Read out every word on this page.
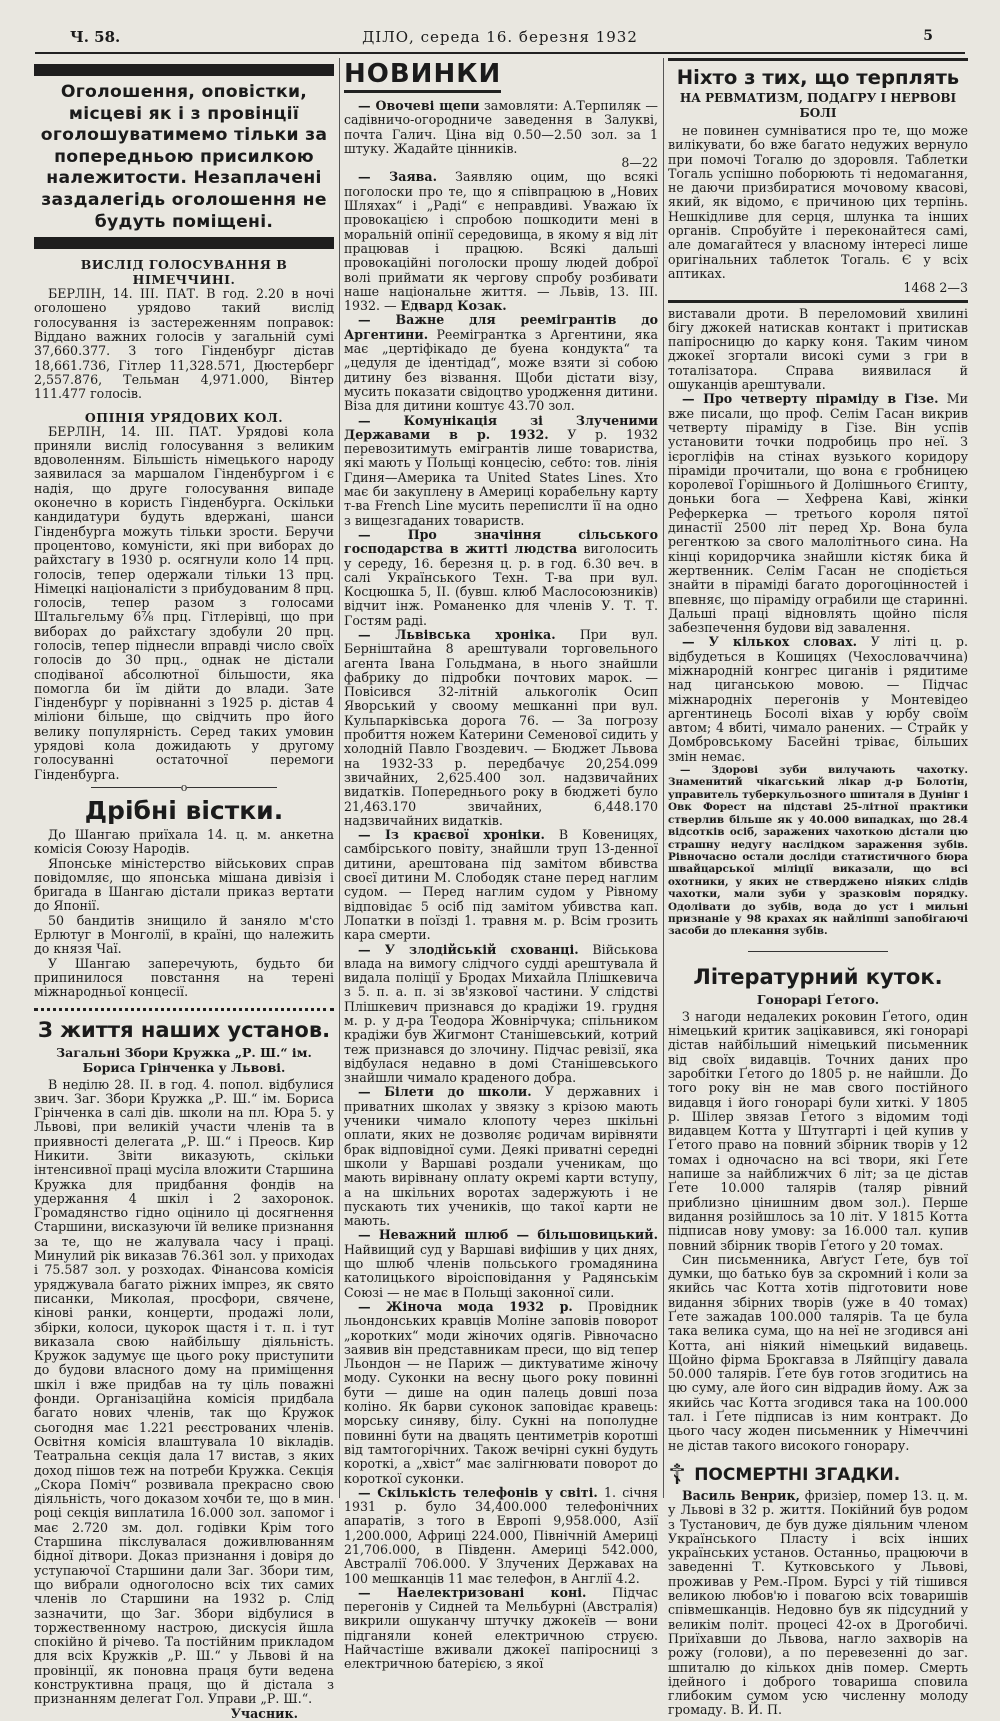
Ч. 58.	ДІЛО, середа 16. березня 1932	5

Оголошення, оповістки, місцеві як і з провінції оголошуватимемо тільки за попередньою присилкою належитости. Незаплачені заздалегідь оголошення не будуть поміщені.

ВИСЛІД ГОЛОСУВАННЯ В НІМЕЧЧИНІ.

БЕРЛІН, 14. III. ПАТ. В год. 2.20 в ночі оголошено урядово такий вислід голосування із застереженням поправок: Віддано важних голосів у загальній сумі 37,660.377. З того Гінденбург дістав 18,661.736, Гітлер 11,328.571, Дюстерберг 2,557.876, Тельман 4,971.000, Вінтер 111.477 голосів.

ОПІНІЯ УРЯДОВИХ КОЛ.

БЕРЛІН, 14. III. ПАТ. Урядові кола приняли вислід голосування з великим вдоволенням. Більшість німецького народу заявилася за маршалом Гінденбургом і є надія, що друге голосування випаде оконечно в користь Гінденбурга. Оскільки кандидатури будуть вдержані, шанси Гінденбурга можуть тільки зрости. Беручи процентово, комуністи, які при виборах до райхстагу в 1930 р. осягнули коло 14 прц. голосів, тепер одержали тільки 13 прц. Німецкі націоналісти з прибудованим 8 прц. голосів, тепер разом з голосами Штальгельму 6⅞ прц. Гітлерівці, що при виборах до райхстагу здобули 20 прц. голосів, тепер піднесли вправді число своїх голосів до 30 прц., однак не дістали сподіваної абсолютної більшости, яка помогла би їм дійти до влади. Зате Гінденбург у порівнанні з 1925 р. дістав 4 міліони більше, що свідчить про його велику популярність. Серед таких умовин урядові кола дожидають у другому голосуванні остаточної перемоги Гінденбурга.

o

Дрібні вістки.

До Шангаю приїхала 14. ц. м. анкетна комісія Союзу Народів.

Японське міністерство військових справ повідомляє, що японська мішана дивізія і бригада в Шангаю дістали приказ вертати до Японії.

50 бандитів знищило й заняло м'сто Ерлютуг в Монголії, в країні, що належить до князя Чаї.

У Шангаю заперечують, будьто би припинилося повстання на терені міжнародньої концесії.

З життя наших установ.

Загальні Збори Кружка „Р. Ш.“ ім. Бориса Грінченка у Львові.

В неділю 28. II. в год. 4. попол. відбулися звич. Заг. Збори Кружка „Р. Ш.“ ім. Бориса Грінченка в салі дів. школи на пл. Юра 5. у Львові, при великій участи членів та в приявності делегата „Р. Ш.“ і Преосв. Кир Никити. Звіти виказують, скільки інтенсивної праці мусіла вложити Старшина Кружка для придбання фондів на удержання 4 шкіл і 2 захоронок. Громадянство гідно оцінило ці досягнення Старшини, висказуючи їй велике признання за те, що не жалувала часу і праці. Минулий рік виказав 76.361 зол. у приходах і 75.587 зол. у розходах. Фінансова комісія уряджувала багато ріжних імпрез, як свято писанки, Миколая, просфори, свячене, кінові ранки, концерти, продажі лоли, збірки, колоси, цукорок щастя і т. п. і тут виказала свою найбільшу діяльність. Кружок задумує ще цього року приступити до будови власного дому на приміщення шкіл і вже придбав на ту ціль поважні фонди. Організаційна комісія придбала багато нових членів, так що Кружок сьогодня має 1.221 реєстрованих членів. Освітня комісія влаштувала 10 вікладів. Театральна секція дала 17 вистав, з яких доход пішов теж на потреби Кружка. Секція „Скора Поміч“ розвивала прекрасно свою діяльність, чого доказом хочби те, що в мин. році секція виплатила 16.000 зол. запомог і має 2.720 зм. дол. годівки Крім того Старшина пікслувалася доживлюванням бідної дітвори. Доказ признання і довіря до уступаючої Старшини дали Заг. Збори тим, що вибрали одноголосно всіх тих самих членів ло Старшини на 1932 р. Слід зазначити, що Заг. Збори відбулися в торжественному настрою, дискусія йшла спокійно й річево. Та постійним прикладом для всіх Кружків „Р. Ш.“ у Львові й на провінції, як поновна праця бути ведена конструктивна праця, що й дістала з признанням делегат Гол. Управи „Р. Ш.“.

Учасник.

НОВИНКИ

— Овочеві щепи замовляти: А.Терпиляк — садівничо-огородниче заведення в Залукві, почта Галич. Ціна від 0.50—2.50 зол. за 1 штуку. Жадайте цінників.

8—22

— Заява. Заявляю оцим, що всякі поголоски про те, що я співпрацюю в „Нових Шляхах“ і „Раді“ є неправдиві. Уважаю їх провокацією і спробою пошкодити мені в моральній опінії середовища, в якому я від літ працював і працюю. Всякі дальші провокаційні поголоски прошу людей доброї волі приймати як чергову спробу розбивати наше національне життя. — Львів, 13. III. 1932. — Едвард Козак.

— Важне для реемігрантів до Аргентини. Реемігрантка з Аргентини, яка має „цертіфікадо де буена кондукта“ та „цедуля де ідентідад“, може взяти зі собою дитину без візвання. Щоби дістати візу, мусить показати свідоцтво уродження дитини. Віза для дитини коштує 43.70 зол.

— Комунікація зі Злученими Державами в р. 1932. У р. 1932 перевозитимуть емігрантів лише товариства, які мають у Польщі концесію, себто: тов. лінія Гдиня—Америка та United States Lines. Хто має би закуплену в Америці корабельну карту т-ва French Line мусить перепислти її на одно з вищезгаданих товариств.

— Про значіння сільського господарства в житті людства виголосить у середу, 16. березня ц. р. в год. 6.30 веч. в салі Українського Техн. Т-ва при вул. Косцюшка 5, II. (бувш. клюб Маслосоюзників) відчит інж. Романенко для членів У. Т. Т. Гостям раді.

— Львівська хроніка. При вул. Берніштайна 8 арештували торговельного агента Івана Гольдмана, в нього знайшли фабрикy до підробки почтових марок. — Повісився 32-літній алькоголік Осип Яворський у своому мешканні при вул. Кульпарківська дорога 76. — За погрозу пробиття ножем Катерини Семенової сидить у холодній Павло Гвоздевич. — Бюджет Львова на 1932-33 р. передбачує 20,254.099 звичайних, 2,625.400 зол. надзвичайних видатків. Попереднього року в бюджеті було 21,463.170 звичайних, 6,448.170 надзвичайних видатків.

— Із краєвої хроніки. В Ковеницях, самбірського повіту, знайшли труп 13-денної дитини, арештована під замітом вбивства своєї дитини М. Слободяк стане перед наглим судом. — Перед наглим судом у Рівному відповідає 5 осіб під замітом убивства кап. Лопатки в поїзді 1. травня м. р. Всім грозить кара смерти.

— У злодійській схованці. Військова влада на вимогу слідчого судді арештувала й видала поліції у Бродах Михайла Плішкевича з 5. п. а. п. зі зв'язкової частини. У слідстві Плішкевич признався до крадіжи 19. грудня м. р. у д-ра Теодора Жовнірчука; спільником крадіжи був Жигмонт Станішевський, котрий теж признався до злочину. Підчас ревізії, яка відбулася недавно в домі Станішевського знайшли чимало краденого добра.

— Білети до школи. У державних і приватних школах у звязку з крізою мають ученики чимало клопоту через шкільні оплати, яких не дозволяє родичам вирівняти брак відповідної суми. Деякі приватні середні школи у Варшаві роздали ученикам, що мають вирівнану оплату окремі карти вступу, а на шкільних воротах задержують і не пускають тих учеників, що такої карти не мають.

— Неважний шлюб — більшовицький. Найвищий суд у Варшаві вифішив у цих днях, що шлюб членів польського громадянина католицького віроісповідання у Радянськім Союзі — не має в Польщі законної сили.

— Жіноча мода 1932 р. Провідник льондонських кравців Моліне заповів поворот „коротких“ моди жіночих одягів. Рівночасно заявив він представникам преси, що від тепер Льондон — не Париж — диктуватиме жіночу моду. Суконки на весну цього року повинні бути — дише на один палець довші поза коліно. Як барви суконок заповідає кравець: морську синяву, білу. Сукні на пополудне повинні бути на двацять центиметрів коротші від тамтогорічних. Також вечірні сукні будуть короткі, а „хвіст“ має залігнювати поворот до короткої суконки.

— Скількість телефонів у світі. 1. січня 1931 р. було 34,400.000 телефонічних апаратів, з того в Европі 9,958.000, Азії 1,200.000, Африці 224.000, Північній Америці 21,706.000, в Південн. Америці 542.000, Австралії 706.000. У Злучених Державах на 100 мешканців 11 має телефон, в Англії 4.2.

— Наелектризовані коні. Підчас перегонів у Сидней та Мельбурні (Австралія) викрили ошуканчу штучку джокеїв — вони підганяли коней електричною струєю. Найчастіше вживали джокеї папіросниці з електричною батерією, з якої

Ніхто з тих, що терплять

НА РЕВМАТИЗМ, ПОДАГРУ І НЕРВОВІ БОЛІ

не повинен сумніватися про те, що може вилікувати, бо вже багато недужих вернуло при помочі Тогалю до здоровля. Таблетки Тогаль успішно поборюють ті недомагання, не даючи призбиратися мочовому квасові, який, як відомо, є причиною цих терпінь. Нешкідливе для серця, шлунка та інших органів. Спробуйте і переконайтеся самі, але домагайтеся у власному інтересі лише оригінальних таблеток Тогаль. Є у всіх аптиках.

1468 2—3

виставали дроти. В переломовий хвилині бігу джокей натискав контакт і притискав папіросницю до карку коня. Таким чином джокеї згортали високі суми з гри в тоталізатора. Справа виявилася й ошуканців арештували.

— Про четверту піраміду в Гізе. Ми вже писали, що проф. Селім Гасан викрив четверту піраміду в Гізе. Він успів установити точки подробиць про неї. З ієрогліфів на стінах вузького коридору піраміди прочитали, що вона є гробницею королевої Горішнього й Долішнього Єгипту, доньки бога — Хефрена Каві, жінки Реферкерка — третього короля пятої династії 2500 літ перед Хр. Вона була регенткою за свого малолітнього сина. На кінці коридорчика знайшли кістяк бика й жертвенник. Селім Гасан не сподіється знайти в піраміді багато дорогоцінностей і впевняє, що піраміду ограбили ще старинні. Дальші праці відновлять щойно після забезпечення будови від завалення.

— У кількох словах. У літі ц. р. відбудеться в Кошицях (Чехословаччина) міжнародній конгрес циганів і рядитиме над циганською мовою. — Підчас міжнародніх перегонів у Монтевідео аргентинець Босолі віхав у юрбу своїм автом; 4 вбиті, чимало ранених. — Страйк у Домбровському Басейні тріває, більших змін немає.

— Здорові зуби вилучають чахотку. Знаменитий чікагський лікар д-р Болотін, управитель туберкульозного шпиталя в Дунінг і Овк Форест на підставі 25-літної практики стверлив більше як у 40.000 випадках, що 28.4 відсотків осіб, заражених чахоткою дістали цю страшну недугу наслідком зараження зубів. Рівночасно остали досліди статистичного бюра швайцарської міліції виказали, що всі охотники, у яких не стверджено ніяких слідів чахотки, мали зуби у зразковім порядку. Одолівати до зубів, вода до уст і мильні признаніе у 98 крахах як найліпші запобігаючі засоби до плекання зубів.

Літературний куток.

Гонорарі Ґетого.

З нагоди недалеких роковин Ґетого, один німецький критик зацікавився, які гонорарі дістав найбільший німецький письменник від своїх видавців. Точних даних про заробітки Ґетого до 1805 р. не найшли. До того року він не мав свого постійного видавця і його гонорарі були хиткі. У 1805 р. Шілер звязав Ґетого з відомим тоді видавцем Котта у Штутгарті і цей купив у Ґетого право на повний збірник творів у 12 томах і одночасно на всі твори, які Ґете напише за найближчих 6 літ; за це дістав Ґете 10.000 талярів (таляр рівний приблизно цінишним двом зол.). Перше видання розійшлось за 10 літ. У 1815 Котта підписав нову умову: за 16.000 тал. купив повний збірник творів Ґетого у 20 томах.

Син письменника, Авґуст Ґете, був тої думки, що батько був за скромний і коли за якийсь час Котта хотів підготовити нове видання збірних творів (уже в 40 томах) Ґете зажадав 100.000 талярів. Та це була така велика сума, що на неї не згодився ані Котта, ані ніякий німецький видавець. Щойно фірма Брокгавза в Ляйпцігу давала 50.000 талярів. Ґете був готов згодитись на цю суму, але його син відрадив йому. Аж за якийсь час Котта згодився така на 100.000 тал. і Ґете підписав із ним контракт. До цього часу жоден письменник у Німеччині не дістав такого високого гонорару.

☦ ПОСМЕРТНІ ЗГАДКИ.

Василь Венрик, фризіер, помер 13. ц. м. у Львові в 32 р. життя. Покійний був родом з Тустанович, де був дуже діяльним членом Українського Пласту і всіх інших українських установ. Останньо, працюючи в заведенні Т. Кутковського у Львові, проживав у Рем.-Пром. Бурсі у тій тішився великою любов'ю і повагою всіх товаришів співмешканців. Недовно був як підсудний у великім політ. процесі 42-ох в Дрогобичі. Приїхавши до Львова, нагло захворів на рожу (голови), а по перевезенні до заг. шпиталю до кількох днів помер. Смерть ідейного і доброго товариша сповила глибоким сумом усю численну молоду громаду. В. Й. П.
